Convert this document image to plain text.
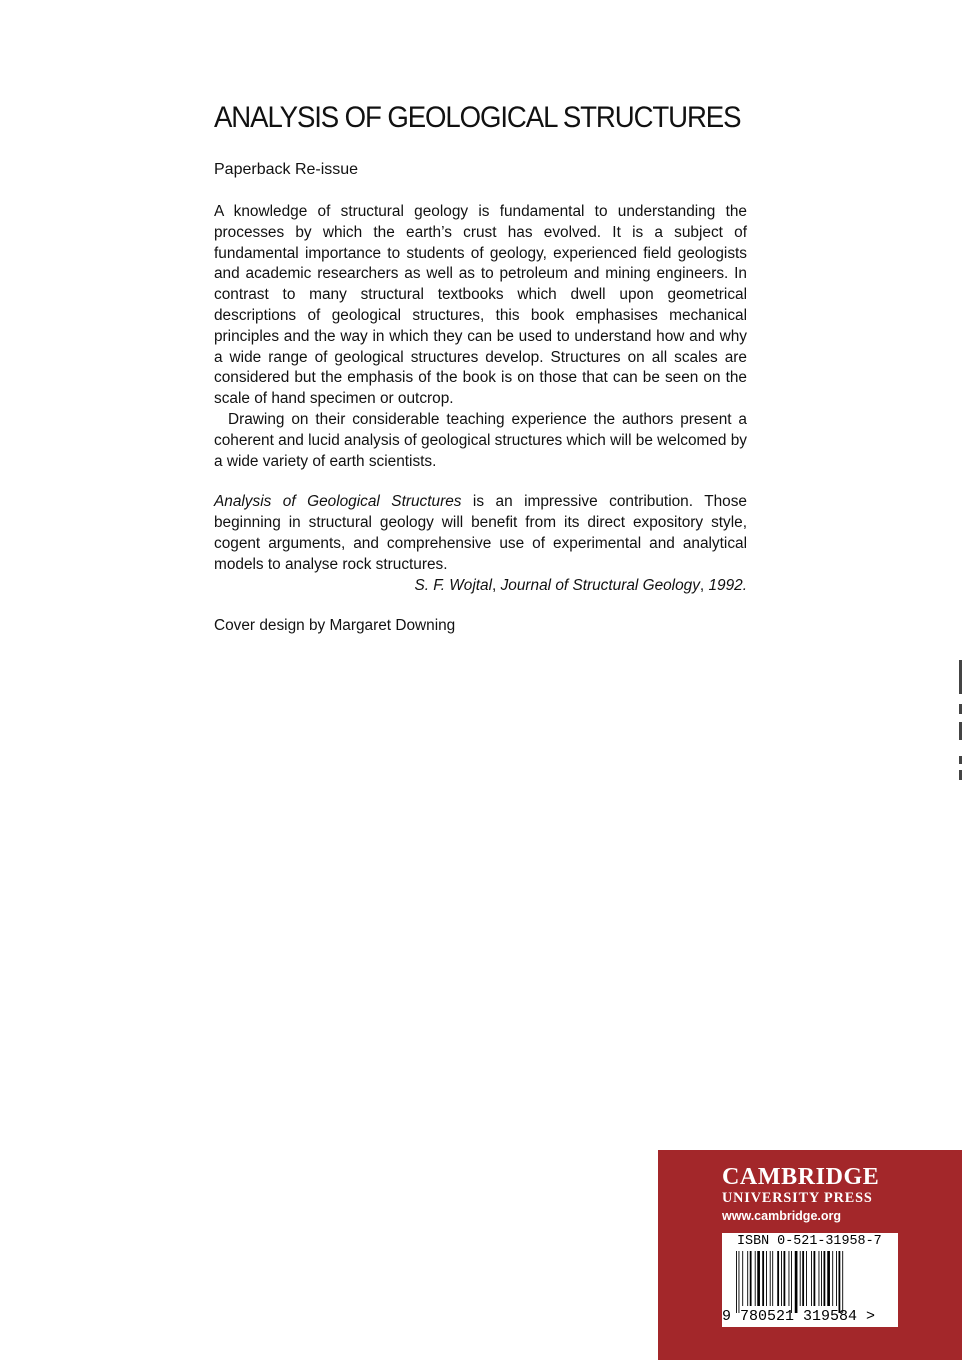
ANALYSIS OF GEOLOGICAL STRUCTURES

Paperback Re-issue

A knowledge of structural geology is fundamental to understanding the processes by which the earth’s crust has evolved. It is a subject of fundamental importance to students of geology, experienced field geologists and academic researchers as well as to petroleum and mining engineers. In contrast to many structural textbooks which dwell upon geometrical descriptions of geological structures, this book emphasises mechanical principles and the way in which they can be used to understand how and why a wide range of geological structures develop. Structures on all scales are considered but the emphasis of the book is on those that can be seen on the scale of hand specimen or outcrop.

Drawing on their considerable teaching experience the authors present a coherent and lucid analysis of geological structures which will be welcomed by a wide variety of earth scientists.

Analysis of Geological Structures is an impressive contribution. Those beginning in structural geology will benefit from its direct expository style, cogent arguments, and comprehensive use of experimental and analytical models to analyse rock structures.

S. F. Wojtal, Journal of Structural Geology, 1992.

Cover design by Margaret Downing

CAMBRIDGE
UNIVERSITY PRESS
www.cambridge.org
ISBN 0-521-31958-7
9 780521 319584 >
